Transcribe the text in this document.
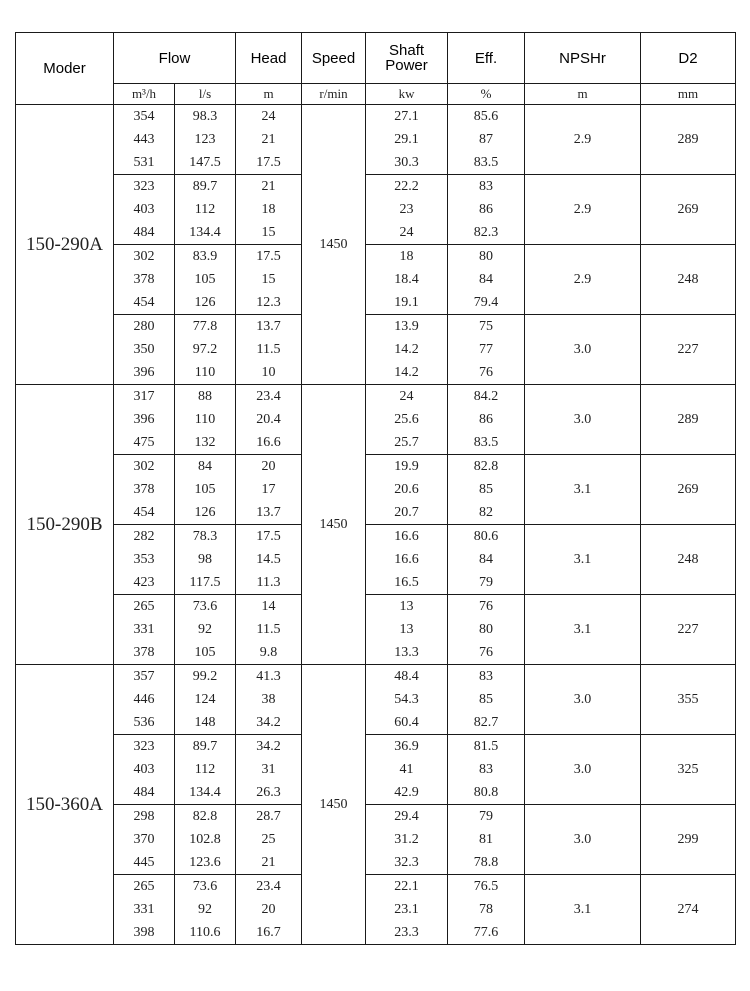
Moder	Flow		Head	Speed	Shaft Power	Eff.	NPSHr	D2
	m³/h	l/s	m	r/min	kw	%	m	mm
150-290A	354	98.3	24	1450	27.1	85.6	2.9	289
	443	123	21		29.1	87		
	531	147.5	17.5		30.3	83.5		
	323	89.7	21		22.2	83	2.9	269
	403	112	18		23	86		
	484	134.4	15		24	82.3		
	302	83.9	17.5		18	80	2.9	248
	378	105	15		18.4	84		
	454	126	12.3		19.1	79.4		
	280	77.8	13.7		13.9	75	3.0	227
	350	97.2	11.5		14.2	77		
	396	110	10		14.2	76		
150-290B	317	88	23.4	1450	24	84.2	3.0	289
	396	110	20.4		25.6	86		
	475	132	16.6		25.7	83.5		
	302	84	20		19.9	82.8	3.1	269
	378	105	17		20.6	85		
	454	126	13.7		20.7	82		
	282	78.3	17.5		16.6	80.6	3.1	248
	353	98	14.5		16.6	84		
	423	117.5	11.3		16.5	79		
	265	73.6	14		13	76	3.1	227
	331	92	11.5		13	80		
	378	105	9.8		13.3	76		
150-360A	357	99.2	41.3	1450	48.4	83	3.0	355
	446	124	38		54.3	85		
	536	148	34.2		60.4	82.7		
	323	89.7	34.2		36.9	81.5	3.0	325
	403	112	31		41	83		
	484	134.4	26.3		42.9	80.8		
	298	82.8	28.7		29.4	79	3.0	299
	370	102.8	25		31.2	81		
	445	123.6	21		32.3	78.8		
	265	73.6	23.4		22.1	76.5	3.1	274
	331	92	20		23.1	78		
	398	110.6	16.7		23.3	77.6		
